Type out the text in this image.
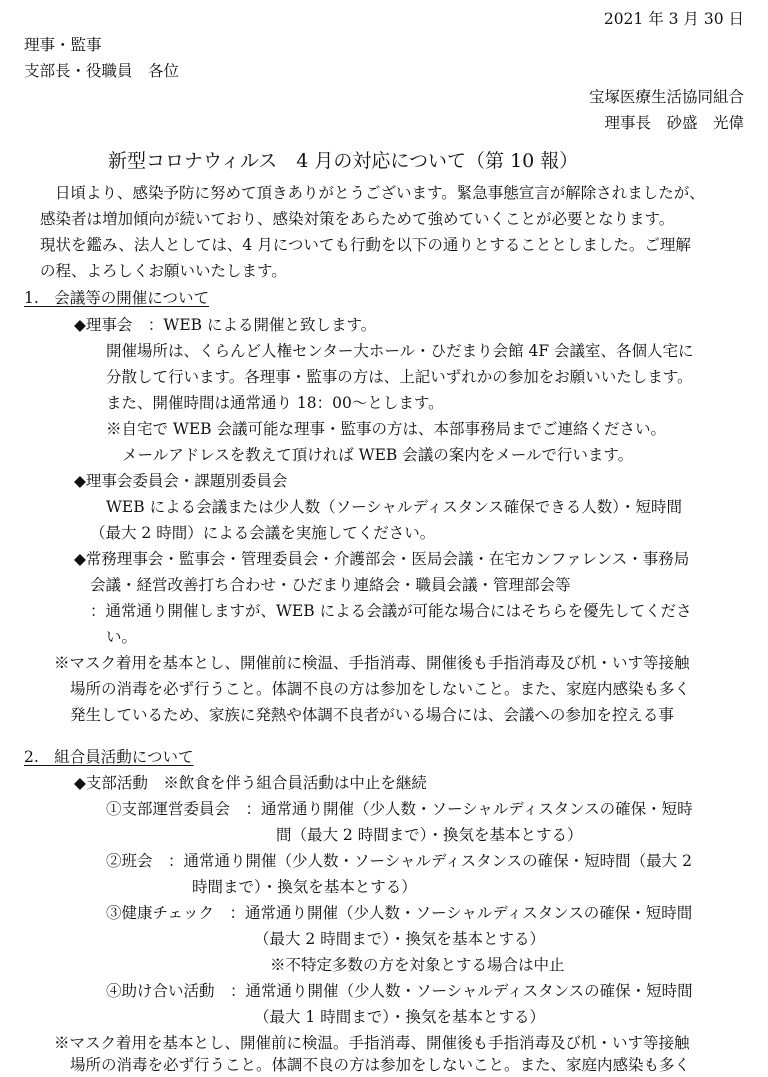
2021 年 3 月 30 日
理事・監事
支部長・役職員　各位
宝塚医療生活協同組合
理事長　砂盛　光偉
新型コロナウィルス　4 月の対応について（第 10 報）
日頃より、感染予防に努めて頂きありがとうございます。緊急事態宣言が解除されましたが、
感染者は増加傾向が続いており、感染対策をあらためて強めていくことが必要となります。
現状を鑑み、法人としては、4 月についても行動を以下の通りとすることとしました。ご理解
の程、よろしくお願いいたします。
1.　会議等の開催について
◆理事会　：WEB による開催と致します。
開催場所は、くらんど人権センター大ホール・ひだまり会館 4F 会議室、各個人宅に
分散して行います。各理事・監事の方は、上記いずれかの参加をお願いいたします。
また、開催時間は通常通り 18：00～とします。
※自宅で WEB 会議可能な理事・監事の方は、本部事務局までご連絡ください。
メールアドレスを教えて頂ければ WEB 会議の案内をメールで行います。
◆理事会委員会・課題別委員会
WEB による会議または少人数（ソーシャルディスタンス確保できる人数）・短時間
（最大 2 時間）による会議を実施してください。
◆常務理事会・監事会・管理委員会・介護部会・医局会議・在宅カンファレンス・事務局
会議・経営改善打ち合わせ・ひだまり連絡会・職員会議・管理部会等
：通常通り開催しますが、WEB による会議が可能な場合にはそちらを優先してくださ
い。
※マスク着用を基本とし、開催前に検温、手指消毒、開催後も手指消毒及び机・いす等接触
場所の消毒を必ず行うこと。体調不良の方は参加をしないこと。また、家庭内感染も多く
発生しているため、家族に発熱や体調不良者がいる場合には、会議への参加を控える事
2.　組合員活動について
◆支部活動　※飲食を伴う組合員活動は中止を継続
①支部運営委員会　：通常通り開催（少人数・ソーシャルディスタンスの確保・短時
間（最大 2 時間まで）・換気を基本とする）
②班会　：通常通り開催（少人数・ソーシャルディスタンスの確保・短時間（最大 2
時間まで）・換気を基本とする）
③健康チェック　：通常通り開催（少人数・ソーシャルディスタンスの確保・短時間
（最大 2 時間まで）・換気を基本とする）
※不特定多数の方を対象とする場合は中止
④助け合い活動　：通常通り開催（少人数・ソーシャルディスタンスの確保・短時間
（最大 1 時間まで）・換気を基本とする）
※マスク着用を基本とし、開催前に検温。手指消毒、開催後も手指消毒及び机・いす等接触
場所の消毒を必ず行うこと。体調不良の方は参加をしないこと。また、家庭内感染も多く
